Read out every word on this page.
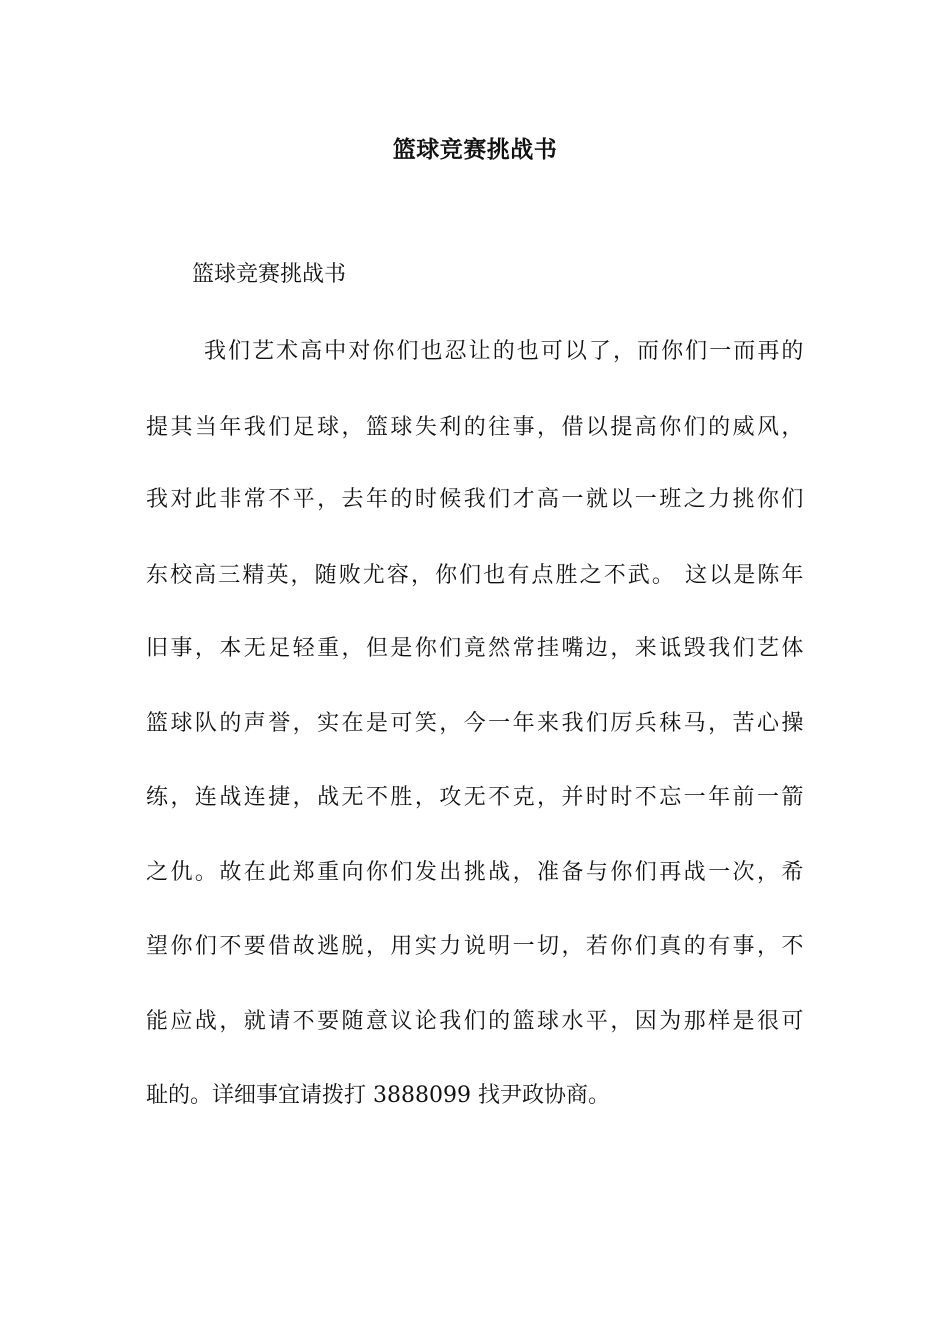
篮球竞赛挑战书
篮球竞赛挑战书
我们艺术高中对你们也忍让的也可以了，而你们一而再的
提其当年我们足球，篮球失利的往事，借以提高你们的威风，
我对此非常不平，去年的时候我们才高一就以一班之力挑你们
东校高三精英，随败尤容，你们也有点胜之不武。 这以是陈年
旧事，本无足轻重，但是你们竟然常挂嘴边，来诋毁我们艺体
篮球队的声誉，实在是可笑，今一年来我们厉兵秣马，苦心操
练，连战连捷，战无不胜，攻无不克，并时时不忘一年前一箭
之仇。故在此郑重向你们发出挑战，准备与你们再战一次，希
望你们不要借故逃脱，用实力说明一切，若你们真的有事，不
能应战，就请不要随意议论我们的篮球水平，因为那样是很可
耻的。详细事宜请拨打 3888099 找尹政协商。
